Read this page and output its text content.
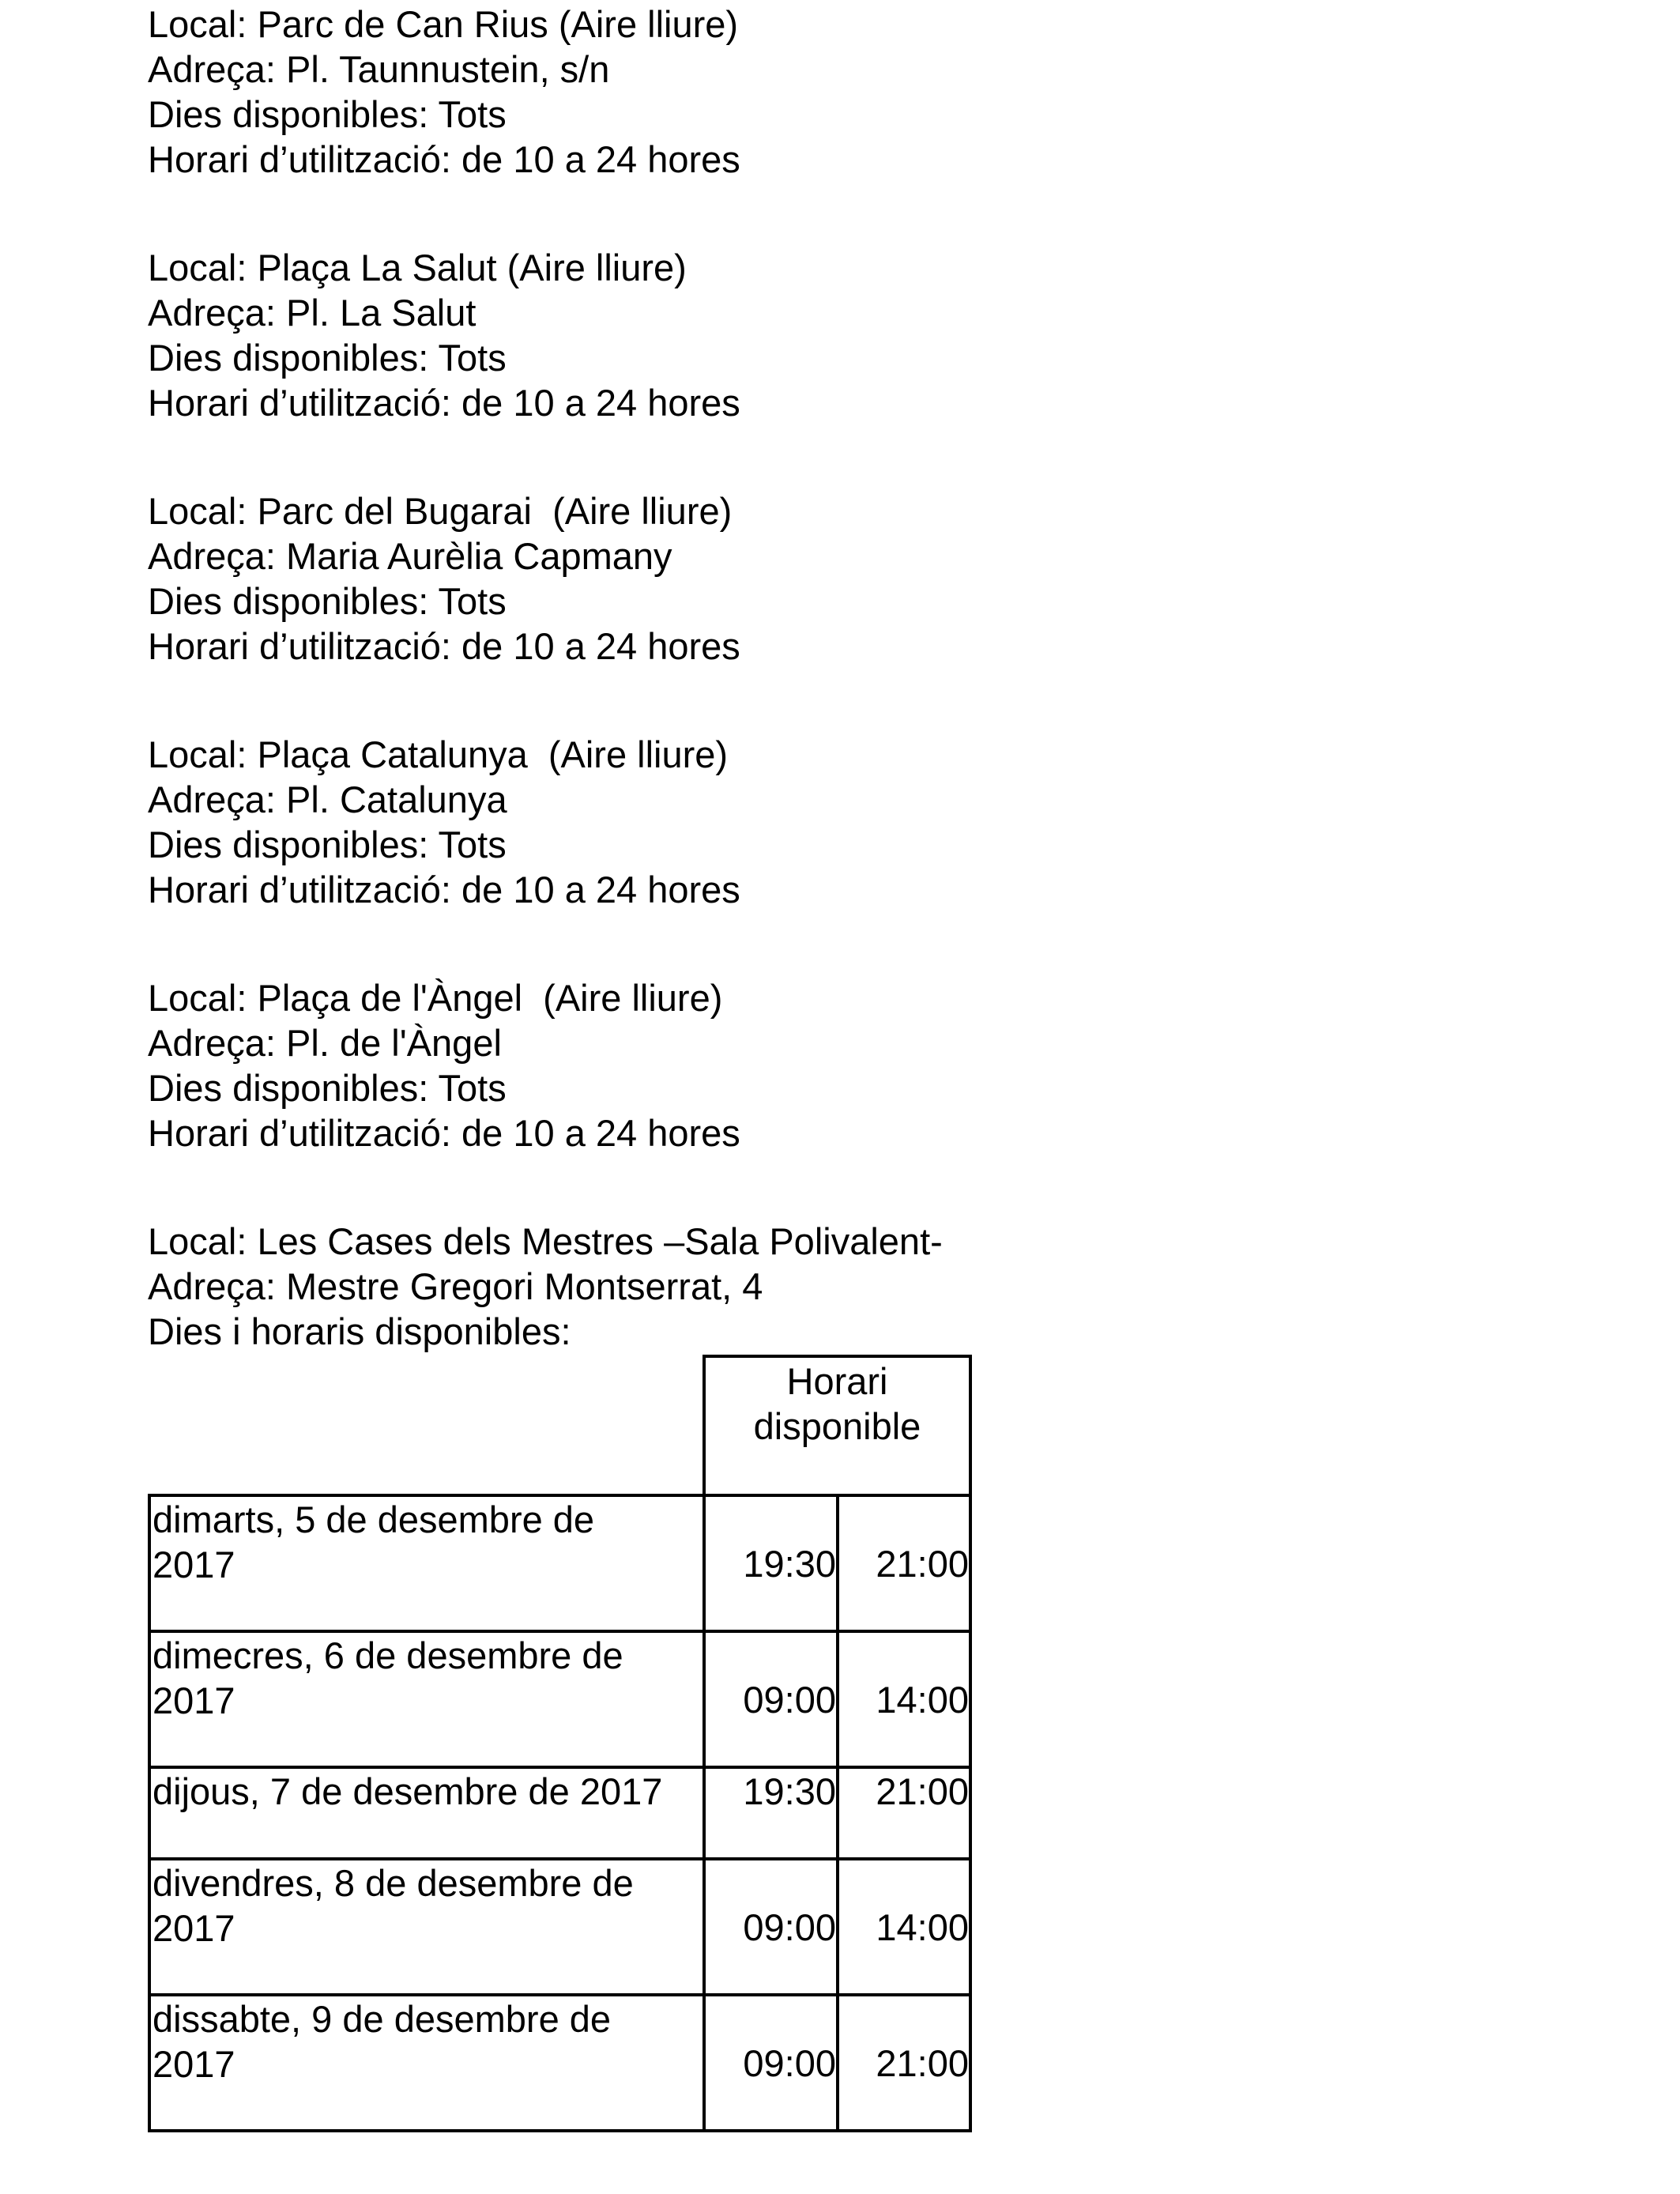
Local: Parc de Can Rius (Aire lliure)
Adreça: Pl. Taunnustein, s/n
Dies disponibles: Tots
Horari d’utilització: de 10 a 24 hores
Local: Plaça La Salut (Aire lliure)
Adreça: Pl. La Salut
Dies disponibles: Tots
Horari d’utilització: de 10 a 24 hores
Local: Parc del Bugarai  (Aire lliure)
Adreça: Maria Aurèlia Capmany
Dies disponibles: Tots
Horari d’utilització: de 10 a 24 hores
Local: Plaça Catalunya  (Aire lliure)
Adreça: Pl. Catalunya
Dies disponibles: Tots
Horari d’utilització: de 10 a 24 hores
Local: Plaça de l'Àngel  (Aire lliure)
Adreça: Pl. de l'Àngel
Dies disponibles: Tots
Horari d’utilització: de 10 a 24 hores
Local: Les Cases dels Mestres –Sala Polivalent-
Adreça: Mestre Gregori Montserrat, 4
Dies i horaris disponibles:

	Horari
disponible	

dimarts, 5 de desembre de
2017	19:30	21:00

dimecres, 6 de desembre de
2017	09:00	14:00

dijous, 7 de desembre de 2017	19:30	21:00

divendres, 8 de desembre de
2017	09:00	14:00

dissabte, 9 de desembre de
2017	09:00	21:00
